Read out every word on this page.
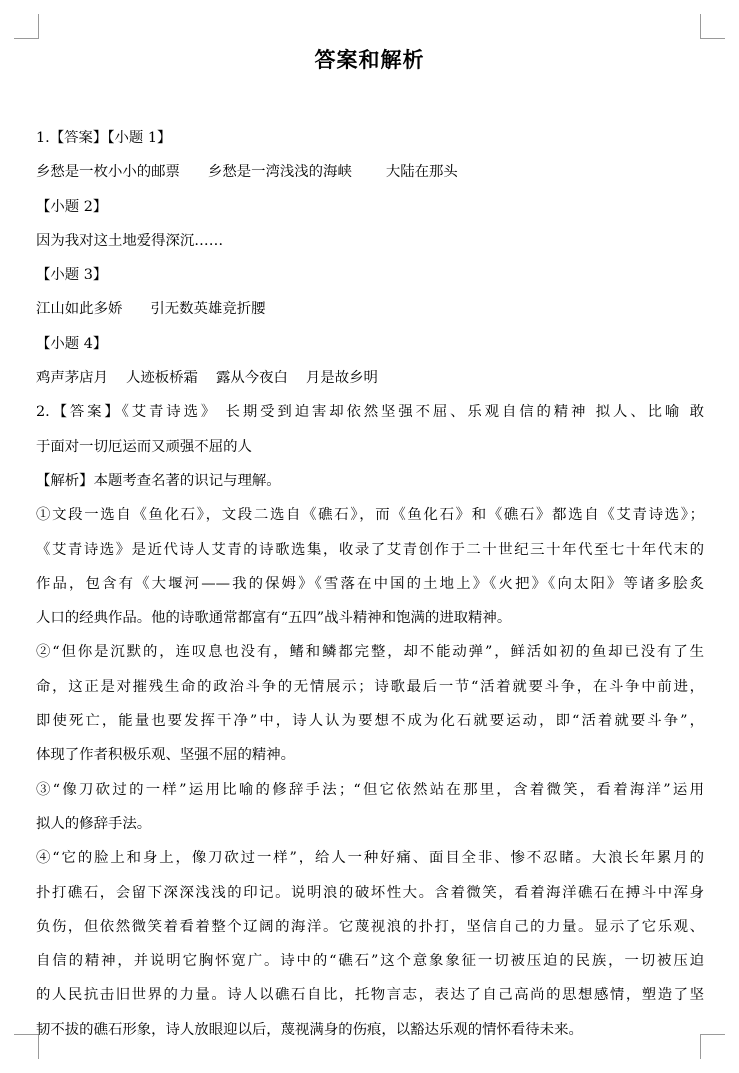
答案和解析
1.【答案】【小题 1】
乡愁是一枚小小的邮票 乡愁是一湾浅浅的海峡 大陆在那头
【小题 2】
因为我对这土地爱得深沉……
【小题 3】
江山如此多娇 引无数英雄竞折腰
【小题 4】
鸡声茅店月 人迹板桥霜 露从今夜白 月是故乡明
2.【答案】《艾青诗选》 长期受到迫害却依然坚强不屈、乐观自信的精神 拟人、比喻 敢
于面对一切厄运而又顽强不屈的人
【解析】本题考查名著的识记与理解。
①文段一选自《鱼化石》，文段二选自《礁石》，而《鱼化石》和《礁石》都选自《艾青诗选》；
《艾青诗选》是近代诗人艾青的诗歌选集，收录了艾青创作于二十世纪三十年代至七十年代末的
作品，包含有《大堰河——我的保姆》《雪落在中国的土地上》《火把》《向太阳》等诸多脍炙
人口的经典作品。他的诗歌通常都富有“五四”战斗精神和饱满的进取精神。
②“但你是沉默的，连叹息也没有，鳍和鳞都完整，却不能动弹”，鲜活如初的鱼却已没有了生
命，这正是对摧残生命的政治斗争的无情展示；诗歌最后一节“活着就要斗争，在斗争中前进，
即使死亡，能量也要发挥干净”中，诗人认为要想不成为化石就要运动，即“活着就要斗争”，
体现了作者积极乐观、坚强不屈的精神。
③“像刀砍过的一样”运用比喻的修辞手法；“但它依然站在那里，含着微笑，看着海洋”运用
拟人的修辞手法。
④“它的脸上和身上，像刀砍过一样”，给人一种好痛、面目全非、惨不忍睹。大浪长年累月的
扑打礁石，会留下深深浅浅的印记。说明浪的破坏性大。含着微笑，看着海洋礁石在搏斗中浑身
负伤，但依然微笑着看着整个辽阔的海洋。它蔑视浪的扑打，坚信自己的力量。显示了它乐观、
自信的精神，并说明它胸怀宽广。诗中的“礁石”这个意象象征一切被压迫的民族，一切被压迫
的人民抗击旧世界的力量。诗人以礁石自比，托物言志，表达了自己高尚的思想感情，塑造了坚
韧不拔的礁石形象，诗人放眼迎以后，蔑视满身的伤痕，以豁达乐观的情怀看待未来。
